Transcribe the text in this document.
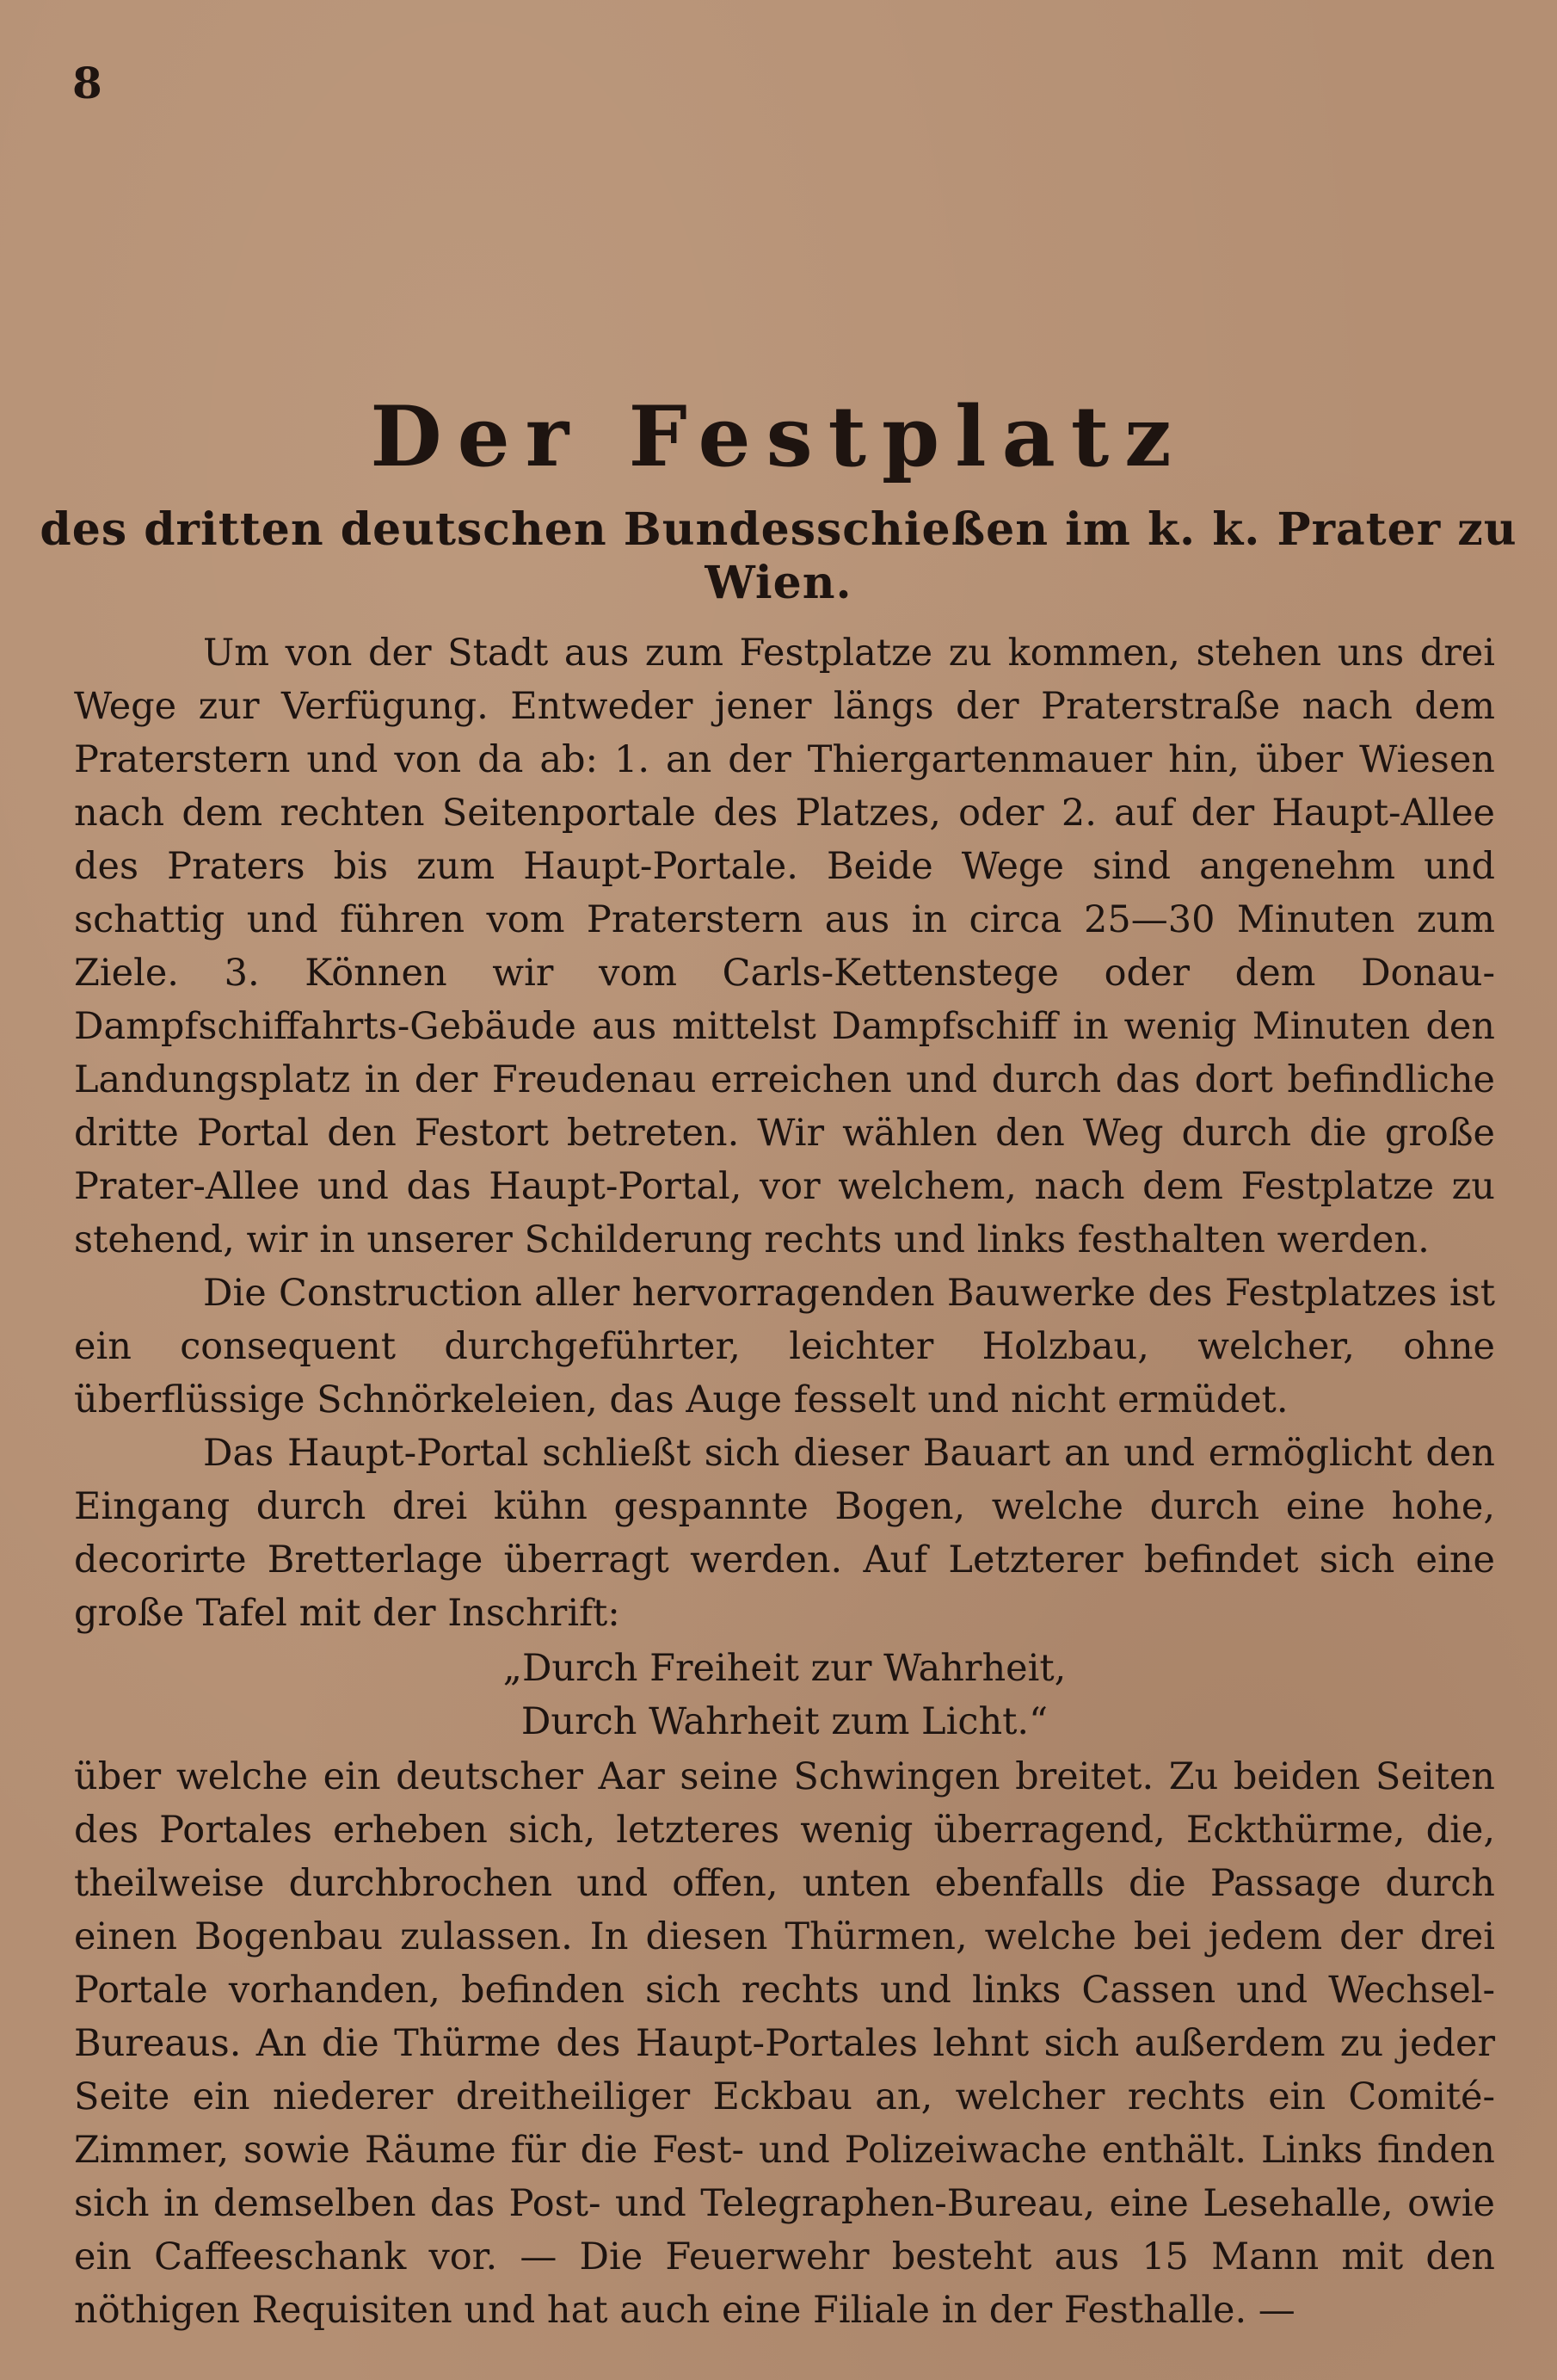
8
Der Festplatz
des dritten deutschen Bundesschießen im k. k. Prater zu Wien.

Um von der Stadt aus zum Festplatze zu kommen, stehen uns drei Wege zur Verfügung. Entweder jener längs der Praterstraße nach dem Praterstern und von da ab: 1. an der Thiergartenmauer hin, über Wiesen nach dem rechten Seitenportale des Platzes, oder 2. auf der Haupt-Allee des Praters bis zum Haupt-Portale. Beide Wege sind angenehm und schattig und führen vom Praterstern aus in circa 25—30 Minuten zum Ziele. 3. Können wir vom Carls-Kettenstege oder dem Donau-Dampfschiffahrts-Gebäude aus mittelst Dampfschiff in wenig Minuten den Landungsplatz in der Freudenau erreichen und durch das dort befindliche dritte Portal den Festort betreten. Wir wählen den Weg durch die große Prater-Allee und das Haupt-Portal, vor welchem, nach dem Festplatze zu stehend, wir in unserer Schilderung rechts und links festhalten werden.

Die Construction aller hervorragenden Bauwerke des Festplatzes ist ein consequent durchgeführter, leichter Holzbau, welcher, ohne überflüssige Schnörkeleien, das Auge fesselt und nicht ermüdet.

Das Haupt-Portal schließt sich dieser Bauart an und ermöglicht den Eingang durch drei kühn gespannte Bogen, welche durch eine hohe, decorirte Bretterlage überragt werden. Auf Letzterer befindet sich eine große Tafel mit der Inschrift:

„Durch Freiheit zur Wahrheit,
Durch Wahrheit zum Licht.“

über welche ein deutscher Aar seine Schwingen breitet. Zu beiden Seiten des Portales erheben sich, letzteres wenig überragend, Eckthürme, die, theilweise durchbrochen und offen, unten ebenfalls die Passage durch einen Bogenbau zulassen. In diesen Thürmen, welche bei jedem der drei Portale vorhanden, befinden sich rechts und links Cassen und Wechsel-Bureaus. An die Thürme des Haupt-Portales lehnt sich außerdem zu jeder Seite ein niederer dreitheiliger Eckbau an, welcher rechts ein Comité-Zimmer, sowie Räume für die Fest- und Polizeiwache enthält. Links finden sich in demselben das Post- und Telegraphen-Bureau, eine Lesehalle, owie ein Caffeeschank vor. — Die Feuerwehr besteht aus 15 Mann mit den nöthigen Requisiten und hat auch eine Filiale in der Festhalle. —
